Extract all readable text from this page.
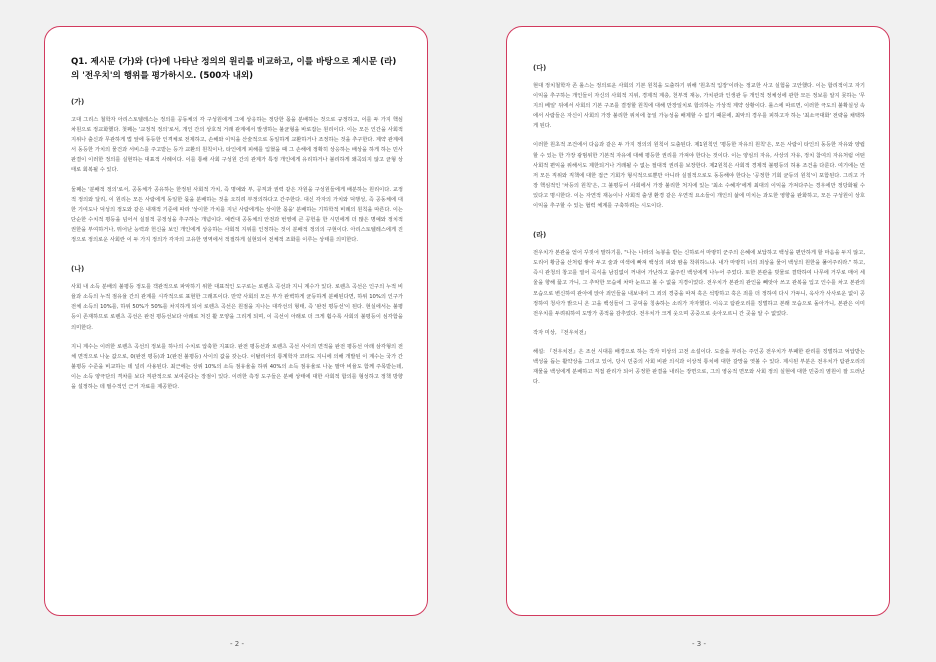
Q1. 제시문 (가)와 (다)에 나타난 정의의 원리를 비교하고, 이를 바탕으로 제시문 (라)의 '전우치'의 행위를 평가하시오. (500자 내외)
(가)
고대 그리스 철학자 아리스토텔레스는 정의를 공동체의 각 구성원에게 그에 상응하는 정당한 몫을 분배하는 것으로 규정하고, 이를 두 가지 핵심 차원으로 정교화했다. 첫째는 '교정적 정의'로서, 개인 간의 상호적 거래 관계에서 발생하는 불균형을 바로잡는 원리이다. 이는 모든 인간을 사회적 지위나 출신과 무관하게 법 앞에 동등한 인격체로 전제하고, 손해와 이익을 산술적으로 동일하게 교환하거나 조정하는 것을 추구한다. 계약 관계에서 동등한 가치의 물건과 서비스를 주고받는 등가 교환의 원칙이나, 타인에게 피해를 입혔을 때 그 손해에 정확히 상응하는 배상을 하게 하는 민사 판결이 이러한 정의를 실현하는 대표적 사례이다. 이를 통해 사회 구성원 간의 관계가 특정 개인에게 유리하거나 불리하게 왜곡되지 않고 균형 상태로 회복될 수 있다.
둘째는 '분배적 정의'로서, 공동체가 공유하는 한정된 사회적 가치, 즉 명예와 부, 공직과 권력 같은 자원을 구성원들에게 배분하는 원리이다. 교정적 정의와 달리, 이 원리는 모든 사람에게 동일한 몫을 분배하는 것을 오히려 부정의하다고 간주한다. 대신 각자의 가치와 덕행성, 즉 공동체에 대한 기여도나 덕성의 정도와 같은 내재적 기준에 따라 '상이한 가치를 지닌 사람에게는 상이한 몫을' 분배하는 기하학적 비례의 원칙을 따른다. 이는 단순한 수치적 평등을 넘어서 실질적 공정성을 추구하는 개념이다. 예컨대 공동체의 안전과 번영에 큰 공헌을 한 시민에게 더 많은 명예와 정치적 권한을 부여하거나, 뛰어난 능력과 헌신을 보인 개인에게 상응하는 사회적 지위를 인정하는 것이 분배적 정의의 구현이다. 아리스토텔레스에게 진정으로 정의로운 사회란 이 두 가지 정의가 각자의 고유한 영역에서 적절하게 실현되어 전체적 조화를 이루는 상태를 의미한다.
(나)
사회 내 소득 분배의 불평등 정도를 객관적으로 파악하기 위한 대표적인 도구로는 로렌츠 곡선과 지니 계수가 있다. 로렌츠 곡선은 인구의 누적 비율과 소득의 누적 점유율 간의 관계를 시각적으로 표현한 그래프이다. 만약 사회의 모든 부가 완벽하게 균등하게 분배된다면, 하위 10%의 인구가 전체 소득의 10%를, 하위 50%가 50%를 차지하게 되어 로렌츠 곡선은 원점을 지나는 대각선의 형태, 즉 '완전 평등선'이 된다. 현실에서는 불평등이 존재하므로 로렌츠 곡선은 완전 평등선보다 아래로 처진 활 모양을 그리게 되며, 이 곡선이 아래로 더 크게 휠수록 사회의 불평등이 심각함을 의미한다.
지니 계수는 이러한 로렌츠 곡선의 정보를 하나의 수치로 압축한 지표다. 완전 평등선과 로렌츠 곡선 사이의 면적을 완전 평등선 아래 삼각형의 전체 면적으로 나눈 값으로, 0(완전 평등)과 1(완전 불평등) 사이의 값을 갖는다. 이탈리아의 통계학자 코라도 지니에 의해 개발된 이 계수는 국가 간 불평등 수준을 비교하는 데 널리 사용된다. 최근에는 상위 10%의 소득 점유율을 하위 40%의 소득 점유율로 나눈 팔마 비율도 함께 주목받는데, 이는 소득 양극단의 격차를 보다 직관적으로 보여준다는 장점이 있다. 이러한 측정 도구들은 분배 상태에 대한 사회적 합의를 형성하고 정책 방향을 설정하는 데 필수적인 근거 자료를 제공한다.
(다)
현대 정치철학자 존 롤스는 정의로운 사회의 기본 원칙을 도출하기 위해 '원초적 입장'이라는 정교한 사고 실험을 고안했다. 이는 합리적이고 자기 이익을 추구하는 개인들이 자신의 사회적 지위, 경제적 계층, 천부적 재능, 가치관과 인생관 등 개인적 정체성에 관한 모든 정보를 알지 못하는 '무지의 베일' 뒤에서 사회의 기본 구조를 결정할 원칙에 대해 만장일치로 합의하는 가상적 계약 상황이다. 롤스에 따르면, 이러한 극도의 불확실성 속에서 사람들은 자신이 사회의 가장 불리한 위치에 놓일 가능성을 배제할 수 없기 때문에, 최악의 경우를 피하고자 하는 '최소극대화' 전략을 채택하게 된다.
이러한 원초적 조건에서 다음과 같은 두 가지 정의의 원칙이 도출된다. 제1원칙인 '평등한 자유의 원칙'은, 모든 사람이 타인의 동등한 자유와 양립할 수 있는 한 가장 광범위한 기본적 자유에 대해 평등한 권리를 가져야 한다는 것이다. 이는 양심의 자유, 사상의 자유, 정치 참여의 자유처럼 어떤 사회적 편익을 위해서도 제한되거나 거래될 수 없는 절대적 권리를 보장한다. 제2원칙은 사회적 경제적 불평등의 허용 조건을 다룬다. 여기에는 먼저 모든 직위와 직책에 대한 접근 기회가 형식적으로뿐만 아니라 실질적으로도 동등해야 한다는 '공정한 기회 균등의 원칙'이 포함된다. 그리고 가장 핵심적인 '차등의 원칙'은, 그 불평등이 사회에서 가장 불리한 처지에 있는 '최소 수혜자'에게 최대의 이익을 가져다주는 경우에만 정당화될 수 있다고 명시한다. 이는 자연적 재능이나 사회적 출생 환경 같은 우연적 요소들이 개인의 삶에 미치는 과도한 영향을 완화하고, 모든 구성원이 상호 이익을 추구할 수 있는 협력 체계를 구축하려는 시도이다.
(라)
전우치가 본관을 얻어 꾸짖어 말하기를, "나는 나라의 녹봉을 받는 신하로서 마땅히 군주의 은혜에 보답하고 백성을 편안하게 할 마음을 두지 않고, 도리어 황금을 산처럼 쌓아 두고 술과 여색에 빠져 백성의 피와 땀을 착취하느냐. 내가 마땅히 너의 죄상을 물어 백성의 원한을 풀어주리라." 하고, 즉시 관청의 창고를 열어 곡식을 남김없이 꺼내어 가난하고 굶주린 백성에게 나누어 주었다. 또한 본관을 빗물로 결박하여 나무에 거꾸로 매어 세울을 향해 꿇고 가니, 그 추악한 모습에 차마 눈뜨고 볼 수 없을 지경이었다. 전우치가 본관의 관인을 빼앗아 쓰고 관복을 입고 인수를 차고 본관의 모습으로 변신하여 관아에 앉아 죄인들을 내보내어 그 죄의 경중을 따져 혹은 석방하고 혹은 죄를 더 정하여 다시 가두니, 옥사가 사사로운 없이 공정하여 청사가 밝으니 온 고을 백성들이 그 공덕을 칭송하는 소리가 자자했다. 이윽고 탐관오리를 징벌하고 본래 모습으로 돌아가니, 본관은 이미 전우치를 두려워하여 도망가 종적을 감추었다. 전우치가 크게 웃으며 공중으로 솟아오르니 간 곳을 알 수 없었다.
작자 미상, 『전우치전』
해설: 『전우치전』은 조선 시대를 배경으로 하는 작자 미상의 고전 소설이다. 도술을 부리는 주인공 전우치가 부패한 관리를 징벌하고 억압받는 백성을 돕는 활약상을 그리고 있어, 당시 민중의 사회 비판 의식과 이상적 통치에 대한 갈망을 엿볼 수 있다. 제시된 부분은 전우치가 탐관오리의 재물을 백성에게 분배하고 직접 관리가 되어 공정한 판결을 내리는 장면으로, 그의 영웅적 면모와 사회 정의 실현에 대한 민중의 염원이 잘 드러난다.
- 2 -	- 3 -
